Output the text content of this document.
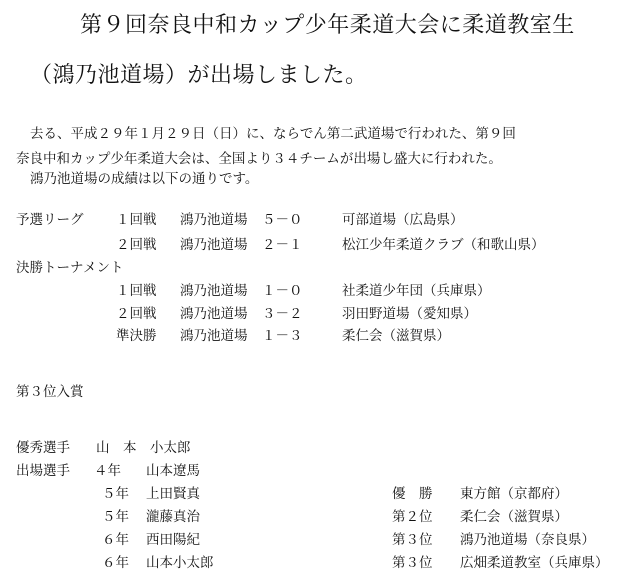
第９回奈良中和カップ少年柔道大会に柔道教室生
（鴻乃池道場）が出場しました。
去る、平成２９年１月２９日（日）に、ならでん第二武道場で行われた、第９回
奈良中和カップ少年柔道大会は、全国より３４チームが出場し盛大に行われた。
鴻乃池道場の成績は以下の通りです。
予選リーグ １回戦 鴻乃池道場 ５－０	可部道場（広島県）
２回戦 鴻乃池道場 ２－１	松江少年柔道クラブ（和歌山県）
決勝トーナメント
１回戦 鴻乃池道場 １－０	社柔道少年団（兵庫県）
２回戦 鴻乃池道場 ３－２	羽田野道場（愛知県）
準決勝 鴻乃池道場 １－３	柔仁会（滋賀県）
第３位入賞
優秀選手 山　本　小太郎
出場選手 ４年 山本遼馬
５年 上田賢真
５年 瀧藤真治
６年 西田陽紀
６年 山本小太郎
優　勝 東方館（京都府）
第２位 柔仁会（滋賀県）
第３位 鴻乃池道場（奈良県）
第３位 広畑柔道教室（兵庫県）
